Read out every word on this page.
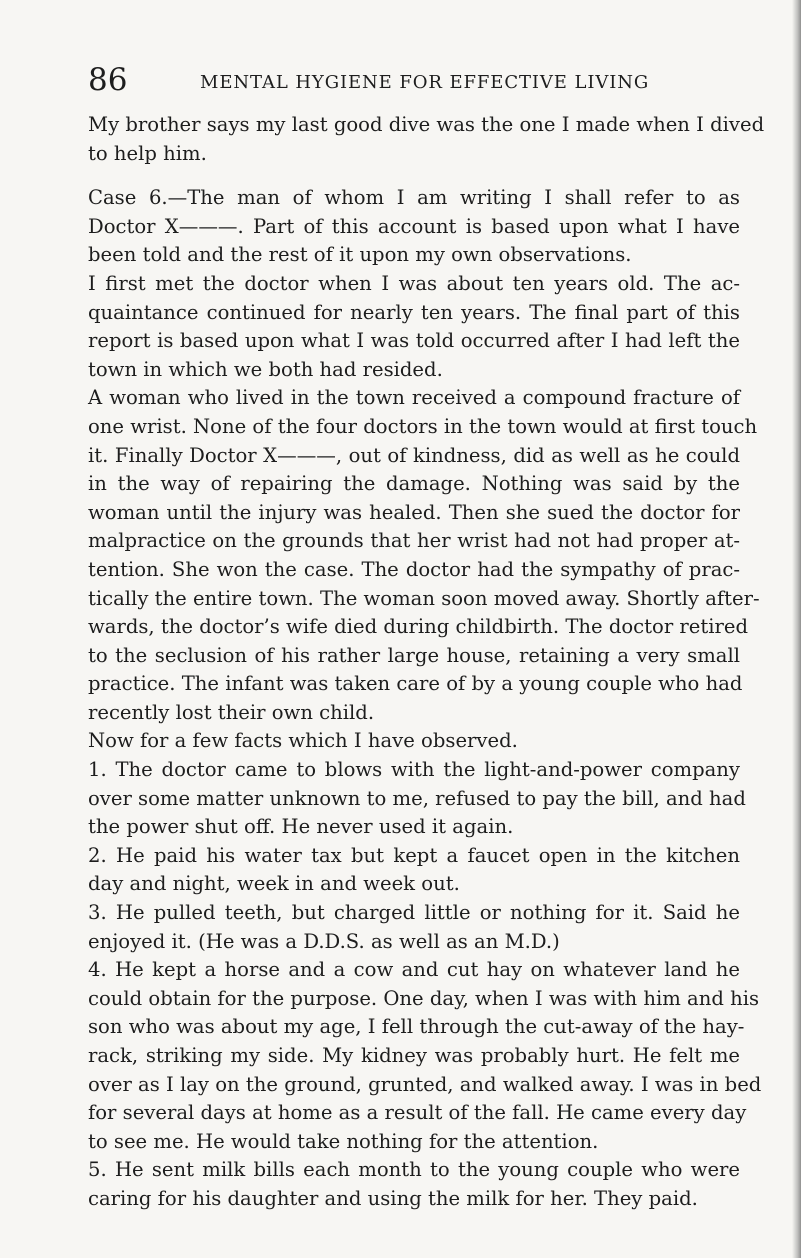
86	MENTAL HYGIENE FOR EFFECTIVE LIVING
My brother says my last good dive was the one I made when I dived
to help him.
Case 6.—The man of whom I am writing I shall refer to as
Doctor X———. Part of this account is based upon what I have
been told and the rest of it upon my own observations.
I first met the doctor when I was about ten years old. The ac-
quaintance continued for nearly ten years. The final part of this
report is based upon what I was told occurred after I had left the
town in which we both had resided.
A woman who lived in the town received a compound fracture of
one wrist. None of the four doctors in the town would at first touch
it. Finally Doctor X———, out of kindness, did as well as he could
in the way of repairing the damage. Nothing was said by the
woman until the injury was healed. Then she sued the doctor for
malpractice on the grounds that her wrist had not had proper at-
tention. She won the case. The doctor had the sympathy of prac-
tically the entire town. The woman soon moved away. Shortly after-
wards, the doctor’s wife died during childbirth. The doctor retired
to the seclusion of his rather large house, retaining a very small
practice. The infant was taken care of by a young couple who had
recently lost their own child.
Now for a few facts which I have observed.
1. The doctor came to blows with the light-and-power company
over some matter unknown to me, refused to pay the bill, and had
the power shut off. He never used it again.
2. He paid his water tax but kept a faucet open in the kitchen
day and night, week in and week out.
3. He pulled teeth, but charged little or nothing for it. Said he
enjoyed it. (He was a D.D.S. as well as an M.D.)
4. He kept a horse and a cow and cut hay on whatever land he
could obtain for the purpose. One day, when I was with him and his
son who was about my age, I fell through the cut-away of the hay-
rack, striking my side. My kidney was probably hurt. He felt me
over as I lay on the ground, grunted, and walked away. I was in bed
for several days at home as a result of the fall. He came every day
to see me. He would take nothing for the attention.
5. He sent milk bills each month to the young couple who were
caring for his daughter and using the milk for her. They paid.
